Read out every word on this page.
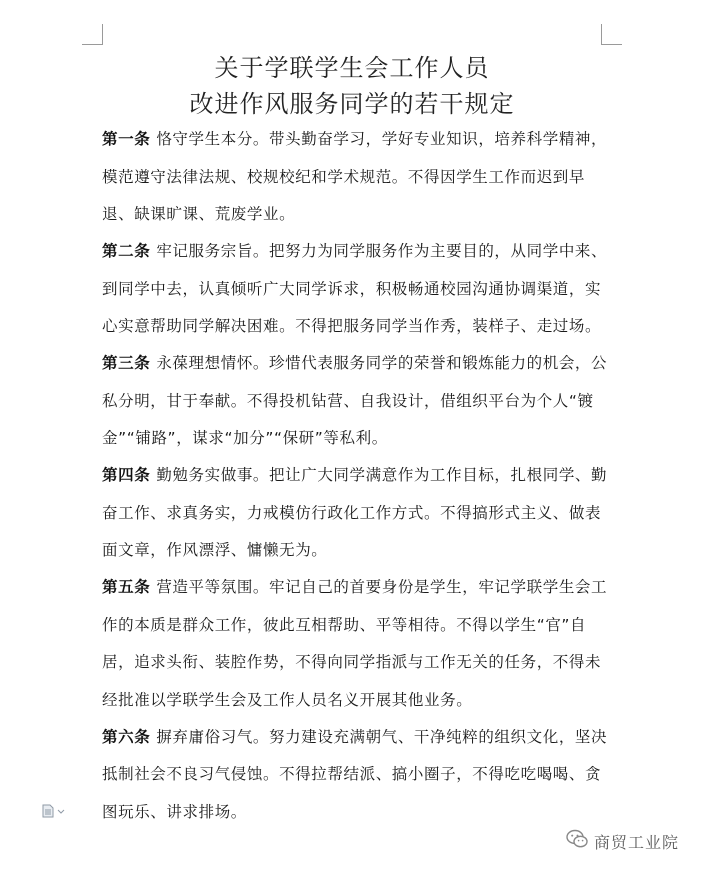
关于学联学生会工作人员
改进作风服务同学的若干规定

第一条 恪守学生本分。带头勤奋学习，学好专业知识，培养科学精神，模范遵守法律法规、校规校纪和学术规范。不得因学生工作而迟到早退、缺课旷课、荒废学业。

第二条 牢记服务宗旨。把努力为同学服务作为主要目的，从同学中来、到同学中去，认真倾听广大同学诉求，积极畅通校园沟通协调渠道，实心实意帮助同学解决困难。不得把服务同学当作秀，装样子、走过场。

第三条 永葆理想情怀。珍惜代表服务同学的荣誉和锻炼能力的机会，公私分明，甘于奉献。不得投机钻营、自我设计，借组织平台为个人“镀金”“铺路”，谋求“加分”“保研”等私利。

第四条 勤勉务实做事。把让广大同学满意作为工作目标，扎根同学、勤奋工作、求真务实，力戒模仿行政化工作方式。不得搞形式主义、做表面文章，作风漂浮、慵懒无为。

第五条 营造平等氛围。牢记自己的首要身份是学生，牢记学联学生会工作的本质是群众工作，彼此互相帮助、平等相待。不得以学生“官”自居，追求头衔、装腔作势，不得向同学指派与工作无关的任务，不得未经批准以学联学生会及工作人员名义开展其他业务。

第六条 摒弃庸俗习气。努力建设充满朝气、干净纯粹的组织文化，坚决抵制社会不良习气侵蚀。不得拉帮结派、搞小圈子，不得吃吃喝喝、贪图玩乐、讲求排场。

商贸工业院
